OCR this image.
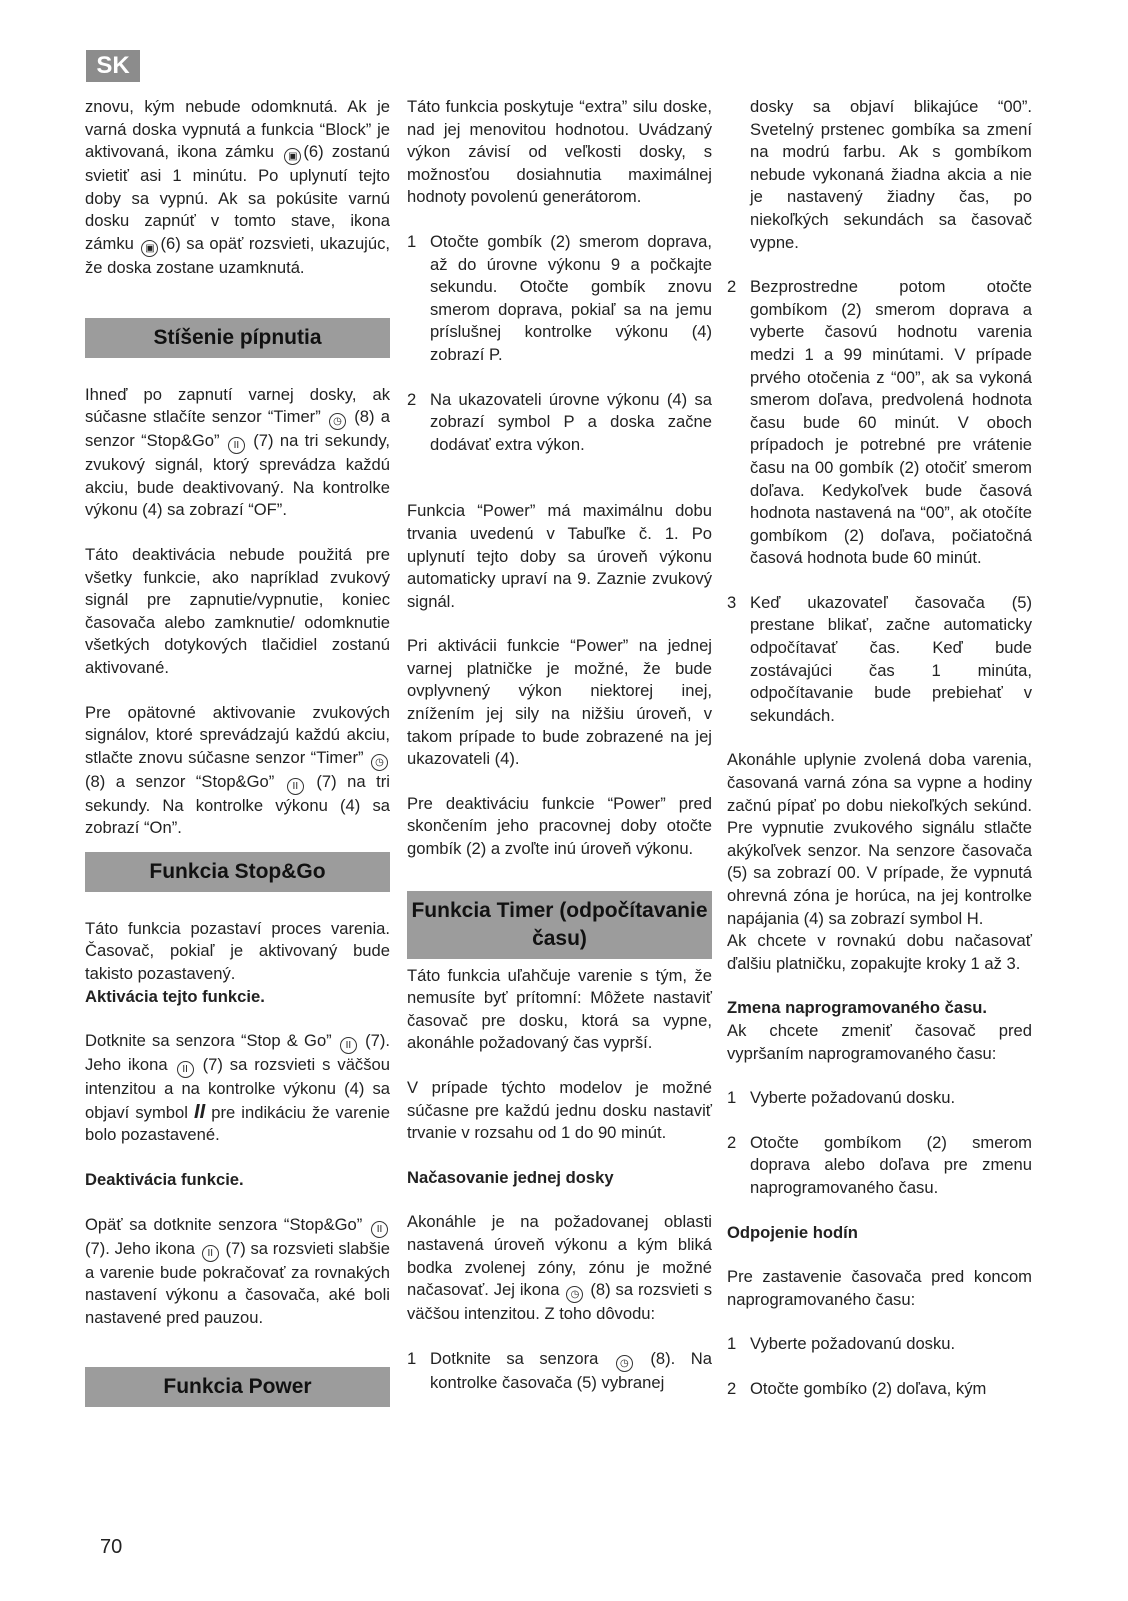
SK

znovu, kým nebude odomknutá. Ak je varná doska vypnutá a funkcia “Block” je aktivovaná, ikona zámku ▣ (6) zostanú svietiť asi 1 minútu. Po uplynutí tejto doby sa vypnú. Ak sa pokúsite varnú dosku zapnúť v tomto stave, ikona zámku ▣ (6) sa opäť rozsvieti, ukazujúc, že doska zostane uzamknutá.

Stíšenie pípnutia

Ihneď po zapnutí varnej dosky, ak súčasne stlačíte senzor “Timer” ◷ (8) a senzor “Stop&Go” II (7) na tri sekundy, zvukový signál, ktorý sprevádza každú akciu, bude deaktivovaný. Na kontrolke výkonu (4) sa zobrazí “OF”.

Táto deaktivácia nebude použitá pre všetky funkcie, ako napríklad zvukový signál pre zapnutie/vypnutie, koniec časovača alebo zamknutie/ odomknutie všetkých dotykových tlačidiel zostanú aktivované.

Pre opätovné aktivovanie zvukových signálov, ktoré sprevádzajú každú akciu, stlačte znovu súčasne senzor “Timer” ◷ (8) a senzor “Stop&Go” II (7) na tri sekundy. Na kontrolke výkonu (4) sa zobrazí “On”.

Funkcia Stop&Go

Táto funkcia pozastaví proces varenia. Časovač, pokiaľ je aktivovaný bude takisto pozastavený.

Aktivácia tejto funkcie.

Dotknite sa senzora “Stop & Go” II (7). Jeho ikona II (7) sa rozsvieti s väčšou intenzitou a na kontrolke výkonu (4) sa objaví symbol II pre indikáciu že varenie bolo pozastavené.

Deaktivácia funkcie.

Opäť sa dotknite senzora “Stop&Go” II (7). Jeho ikona II (7) sa rozsvieti slabšie a varenie bude pokračovať za rovnakých nastavení výkonu a časovača, aké boli nastavené pred pauzou.

Funkcia Power

Táto funkcia poskytuje “extra” silu doske, nad jej menovitou hodnotou. Uvádzaný výkon závisí od veľkosti dosky, s možnosťou dosiahnutia maximálnej hodnoty povolenú generátorom.

1 Otočte gombík (2) smerom doprava, až do úrovne výkonu 9 a počkajte sekundu. Otočte gombík znovu smerom doprava, pokiaľ sa na jemu príslušnej kontrolke výkonu (4) zobrazí P.
2 Na ukazovateli úrovne výkonu (4) sa zobrazí symbol P a doska začne dodávať extra výkon.

Funkcia “Power” má maximálnu dobu trvania uvedenú v Tabuľke č. 1. Po uplynutí tejto doby sa úroveň výkonu automaticky upraví na 9. Zaznie zvukový signál.

Pri aktivácii funkcie “Power” na jednej varnej platničke je možné, že bude ovplyvnený výkon niektorej inej, znížením jej sily na nižšiu úroveň, v takom prípade to bude zobrazené na jej ukazovateli (4).

Pre deaktiváciu funkcie “Power” pred skončením jeho pracovnej doby otočte gombík (2) a zvoľte inú úroveň výkonu.

Funkcia Timer (odpočítavanie času)

Táto funkcia uľahčuje varenie s tým, že nemusíte byť prítomní: Môžete nastaviť časovač pre dosku, ktorá sa vypne, akonáhle požadovaný čas vyprší.

V prípade týchto modelov je možné súčasne pre každú jednu dosku nastaviť trvanie v rozsahu od 1 do 90 minút.

Načasovanie jednej dosky

Akonáhle je na požadovanej oblasti nastavená úroveň výkonu a kým bliká bodka zvolenej zóny, zónu je možné načasovať. Jej ikona ◷ (8) sa rozsvieti s väčšou intenzitou. Z toho dôvodu:

1 Dotknite sa senzora ◷ (8). Na kontrolke časovača (5) vybranej

dosky sa objaví blikajúce “00”. Svetelný prstenec gombíka sa zmení na modrú farbu. Ak s gombíkom nebude vykonaná žiadna akcia a nie je nastavený žiadny čas, po niekoľkých sekundách sa časovač vypne.

2 Bezprostredne potom otočte gombíkom (2) smerom doprava a vyberte časovú hodnotu varenia medzi 1 a 99 minútami. V prípade prvého otočenia z “00”, ak sa vykoná smerom doľava, predvolená hodnota času bude 60 minút. V oboch prípadoch je potrebné pre vrátenie času na 00 gombík (2) otočiť smerom doľava. Kedykoľvek bude časová hodnota nastavená na “00”, ak otočíte gombíkom (2) doľava, počiatočná časová hodnota bude 60 minút.
3 Keď ukazovateľ časovača (5) prestane blikať, začne automaticky odpočítavať čas. Keď bude zostávajúci čas 1 minúta, odpočítavanie bude prebiehať v sekundách.

Akonáhle uplynie zvolená doba varenia, časovaná varná zóna sa vypne a hodiny začnú pípať po dobu niekoľkých sekúnd. Pre vypnutie zvukového signálu stlačte akýkoľvek senzor. Na senzore časovača (5) sa zobrazí 00. V prípade, že vypnutá ohrevná zóna je horúca, na jej kontrolke napájania (4) sa zobrazí symbol H.

Ak chcete v rovnakú dobu načasovať ďalšiu platničku, zopakujte kroky 1 až 3.

Zmena naprogramovaného času.

Ak chcete zmeniť časovač pred vypršaním naprogramovaného času:

1 Vyberte požadovanú dosku.
2 Otočte gombíkom (2) smerom doprava alebo doľava pre zmenu naprogramovaného času.

Odpojenie hodín

Pre zastavenie časovača pred koncom naprogramovaného času:

1 Vyberte požadovanú dosku.
2 Otočte gombíko (2) doľava, kým
70
